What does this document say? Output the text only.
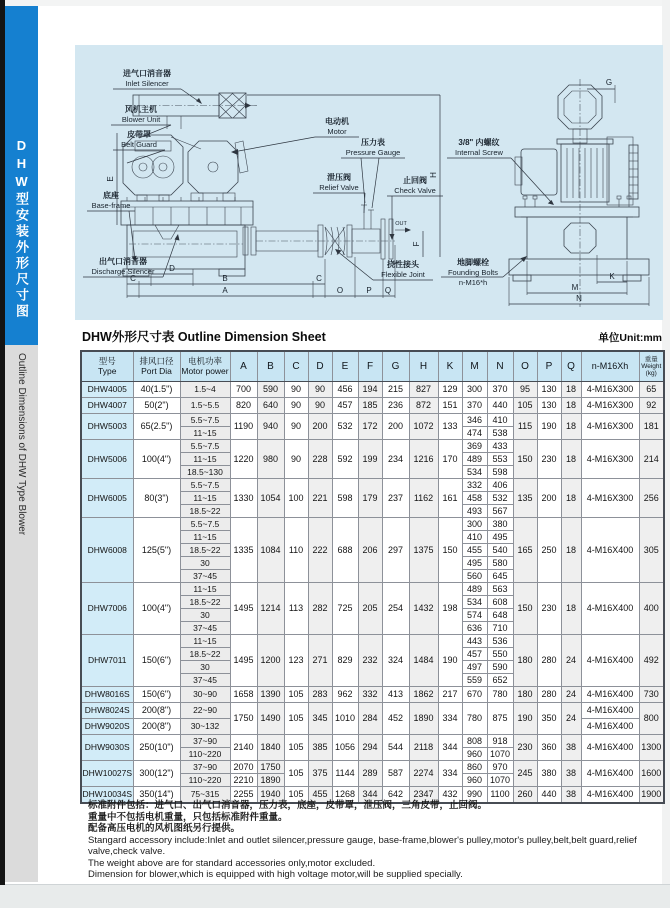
DHW型安装外形尺寸图
Outline Dimensions of DHW Type Blower
OUT
E
H
F
D
C	B	C
A	O	P Q
进气口消音器
Inlet Silencer
风机主机
Blower Unit
皮带罩
Belt Guard
电动机
Motor
压力表
Pressure Gauge
泄压阀
Relief Valve
止回阀
Check Valve
底座
Base-frame
出气口消音器
Discharge Silencer
挠性接头
Flexible Joint
G
K
M
N
3/8" 内螺纹
Internal Screw
地脚螺栓
Founding Bolts
n-M16*h
DHW外形尺寸表 Outline Dimension Sheet	单位Unit:mm
型号
Type

排风口径
Port Dia

电机功率
Motor power	A	B	C	D	E	F	G	H	K	M	N	O	P	Q	n-M16Xh	
重量
Weight
(kg)

DHW4005	40(1.5")	1.5~4	700	590	90	90	456	194	215	827	129	300	370	95	130	18	4-M16X300	65
DHW4007	50(2")	1.5~5.5	820	640	90	90	457	185	236	872	151	370	440	105	130	18	4-M16X300	92
DHW5003	65(2.5")	5.5~7.5	1190	940	90	200	532	172	200	1072	133	346	410	115	190	18	4-M16X300	181
		11~15										474	538					
DHW5006	100(4")	5.5~7.5	1220	980	90	228	592	199	234	1216	170	369	433	150	230	18	4-M16X300	214
		11~15										489	553					
		18.5~130										534	598					
DHW6005	80(3")	5.5~7.5	1330	1054	100	221	598	179	237	1162	161	332	406	135	200	18	4-M16X300	256
		11~15										458	532					
		18.5~22										493	567					
DHW6008	125(5")	5.5~7.5	1335	1084	110	222	688	206	297	1375	150	300	380	165	250	18	4-M16X400	305
		11~15										410	495					
		18.5~22										455	540					
		30										495	580					
		37~45										560	645					
DHW7006	100(4")	11~15	1495	1214	113	282	725	205	254	1432	198	489	563	150	230	18	4-M16X400	400
		18.5~22										534	608					
		30										574	648					
		37~45										636	710					
DHW7011	150(6")	11~15	1495	1200	123	271	829	232	324	1484	190	443	536	180	280	24	4-M16X400	492
		18.5~22										457	550					
		30										497	590					
		37~45										559	652					
DHW8016S	150(6")	30~90	1658	1390	105	283	962	332	413	1862	217	670	780	180	280	24	4-M16X400	730
DHW8024S	200(8")	22~90	1750	1490	105	345	1010	284	452	1890	334	780	875	190	350	24	4-M16X400	800
DHW9020S	200(8")	30~132															4-M16X400	
DHW9030S	250(10")	37~90	2140	1840	105	385	1056	294	544	2118	344	808	918	230	360	38	4-M16X400	1300
		110~220										960	1070					
DHW10027S	300(12")	37~90	2070	1750	105	375	1144	289	587	2274	334	860	970	245	380	38	4-M16X400	1600
		110~220	2210	1890								960	1070					
DHW10034S	350(14")	75~315	2255	1940	105	455	1268	344	642	2347	432	990	1100	260	440	38	4-M16X400	1900
标准附件包括：进气口、出气口消音器，压力表，底座，皮带罩，泄压阀，三角皮带，止回阀。
重量中不包括电机重量，只包括标准附件重量。
配备高压电机的风机图纸另行提供。
Stangard accessory include:Inlet and outlet silencer,pressure gauge, base-frame,blower's pulley,motor's pulley,belt,belt guard,relief valve,check valve.
The weight above are for standard accessories only,motor excluded.
Dimension for blower,which is equipped with high voltage motor,will be supplied specially.
